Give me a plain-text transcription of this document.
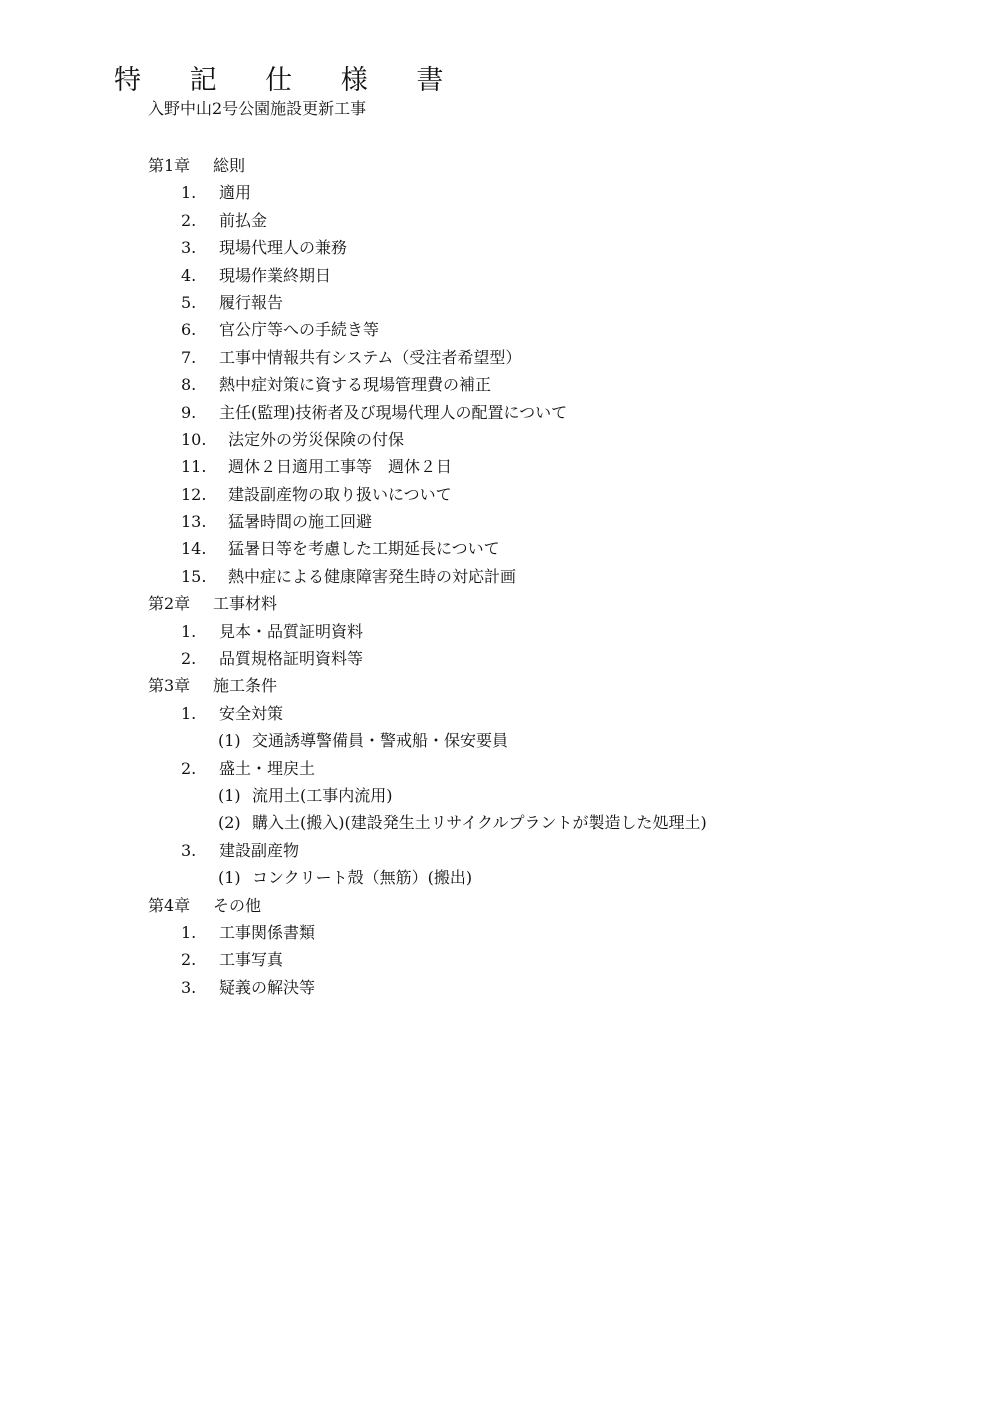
特 記 仕 様 書
入野中山2号公園施設更新工事
第1章 総則
1. 適用
2. 前払金
3. 現場代理人の兼務
4. 現場作業終期日
5. 履行報告
6. 官公庁等への手続き等
7. 工事中情報共有システム（受注者希望型）
8. 熱中症対策に資する現場管理費の補正
9. 主任(監理)技術者及び現場代理人の配置について
10. 法定外の労災保険の付保
11. 週休２日適用工事等　週休２日
12. 建設副産物の取り扱いについて
13. 猛暑時間の施工回避
14. 猛暑日等を考慮した工期延長について
15. 熱中症による健康障害発生時の対応計画
第2章 工事材料
1. 見本・品質証明資料
2. 品質規格証明資料等
第3章 施工条件
1. 安全対策
(1) 交通誘導警備員・警戒船・保安要員
2. 盛土・埋戻土
(1) 流用土(工事内流用)
(2) 購入土(搬入)(建設発生土リサイクルプラントが製造した処理土)
3. 建設副産物
(1) コンクリート殻（無筋）(搬出)
第4章 その他
1. 工事関係書類
2. 工事写真
3. 疑義の解決等
